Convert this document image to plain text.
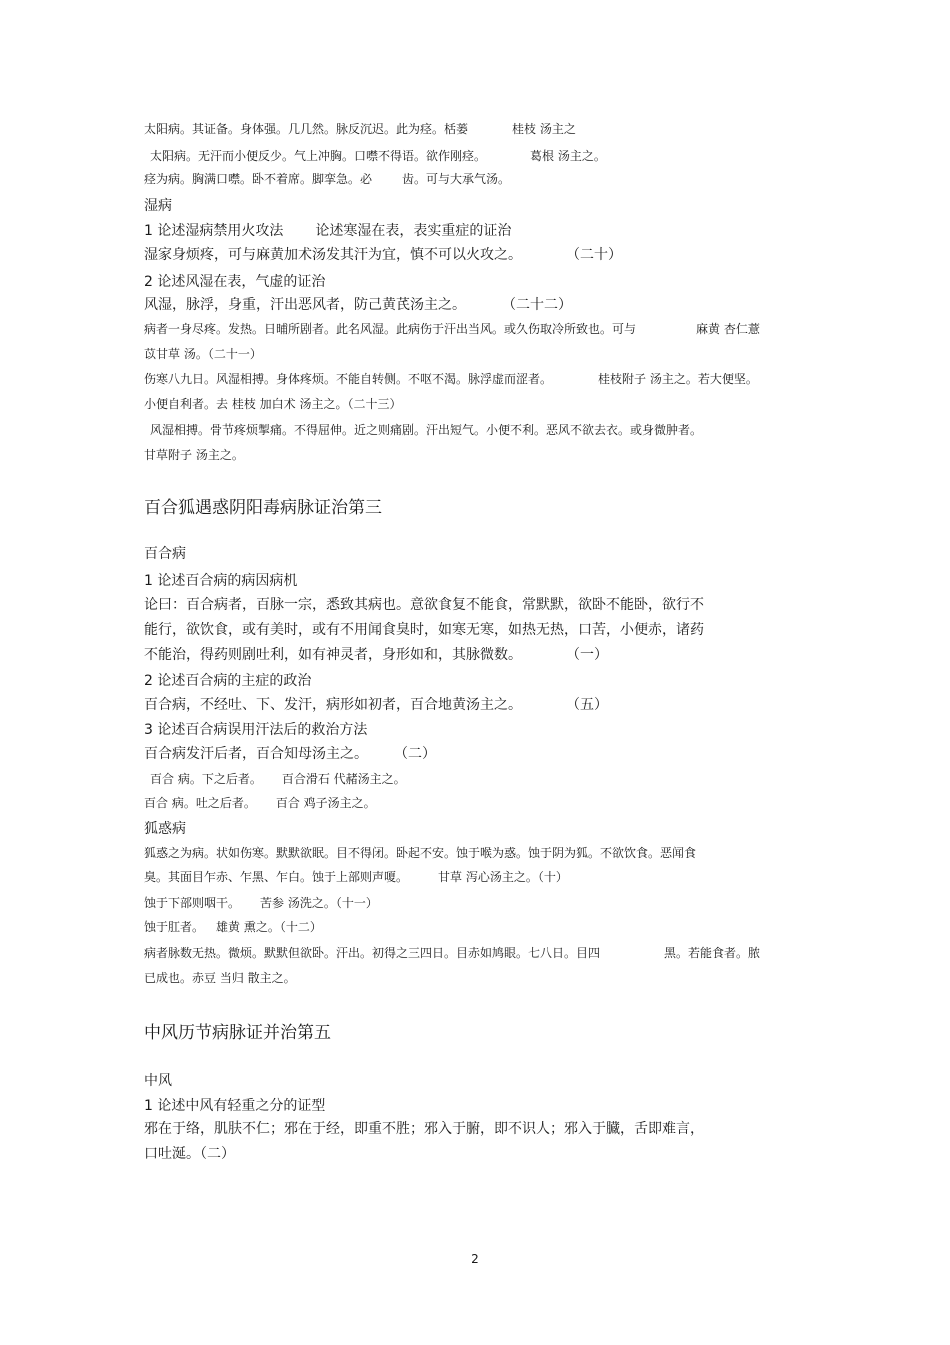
太阳病。其证备。身体强。几几然。脉反沉迟。此为痉。栝蒌	桂枝 汤主之
太阳病。无汗而小便反少。气上冲胸。口噤不得语。欲作刚痉。	葛根 汤主之。
痉为病。胸满口噤。卧不着席。脚挛急。必	齿。可与大承气汤。
湿病
1 论述湿病禁用火攻法 论述寒湿在表，表实重症的证治
湿家身烦疼，可与麻黄加术汤发其汗为宜，慎不可以火攻之。	（二十）
2 论述风湿在表，气虚的证治
风湿，脉浮，身重，汗出恶风者，防己黄芪汤主之。	（二十二）
病者一身尽疼。发热。日晡所剧者。此名风湿。此病伤于汗出当风。或久伤取冷所致也。可与	麻黄 杏仁薏
苡甘草 汤。（二十一）
伤寒八九日。风湿相搏。身体疼烦。不能自转侧。不呕不渴。脉浮虚而涩者。	桂枝附子 汤主之。若大便坚。
小便自利者。去 桂枝 加白术 汤主之。（二十三）
风湿相搏。骨节疼烦掣痛。不得屈伸。近之则痛剧。汗出短气。小便不利。恶风不欲去衣。或身微肿者。
甘草附子 汤主之。
百合狐遇惑阴阳毒病脉证治第三
百合病
1 论述百合病的病因病机
论曰：百合病者，百脉一宗，悉致其病也。意欲食复不能食，常默默，欲卧不能卧，欲行不
能行，欲饮食，或有美时，或有不用闻食臭时，如寒无寒，如热无热，口苦，小便赤，诸药
不能治，得药则剧吐利，如有神灵者，身形如和，其脉微数。	（一）
2 论述百合病的主症的政治
百合病，不经吐、下、发汗，病形如初者，百合地黄汤主之。	（五）
3 论述百合病误用汗法后的救治方法
百合病发汗后者，百合知母汤主之。 （二）
百合 病。下之后者。 百合滑石 代赭汤主之。
百合 病。吐之后者。 百合 鸡子汤主之。
狐惑病
狐惑之为病。状如伤寒。默默欲眠。目不得闭。卧起不安。蚀于喉为惑。蚀于阴为狐。不欲饮食。恶闻食
臭。其面目乍赤、乍黑、乍白。蚀于上部则声嗄。	甘草 泻心汤主之。（十）
蚀于下部则咽干。 苦参 汤洗之。（十一）
蚀于肛者。 雄黄 熏之。（十二）
病者脉数无热。微烦。默默但欲卧。汗出。初得之三四日。目赤如鸠眼。七八日。目四	黑。若能食者。脓
已成也。赤豆 当归 散主之。
中风历节病脉证并治第五
中风
1 论述中风有轻重之分的证型
邪在于络，肌肤不仁；邪在于经，即重不胜；邪入于腑，即不识人；邪入于臓，舌即难言，
口吐涎。（二）
2
